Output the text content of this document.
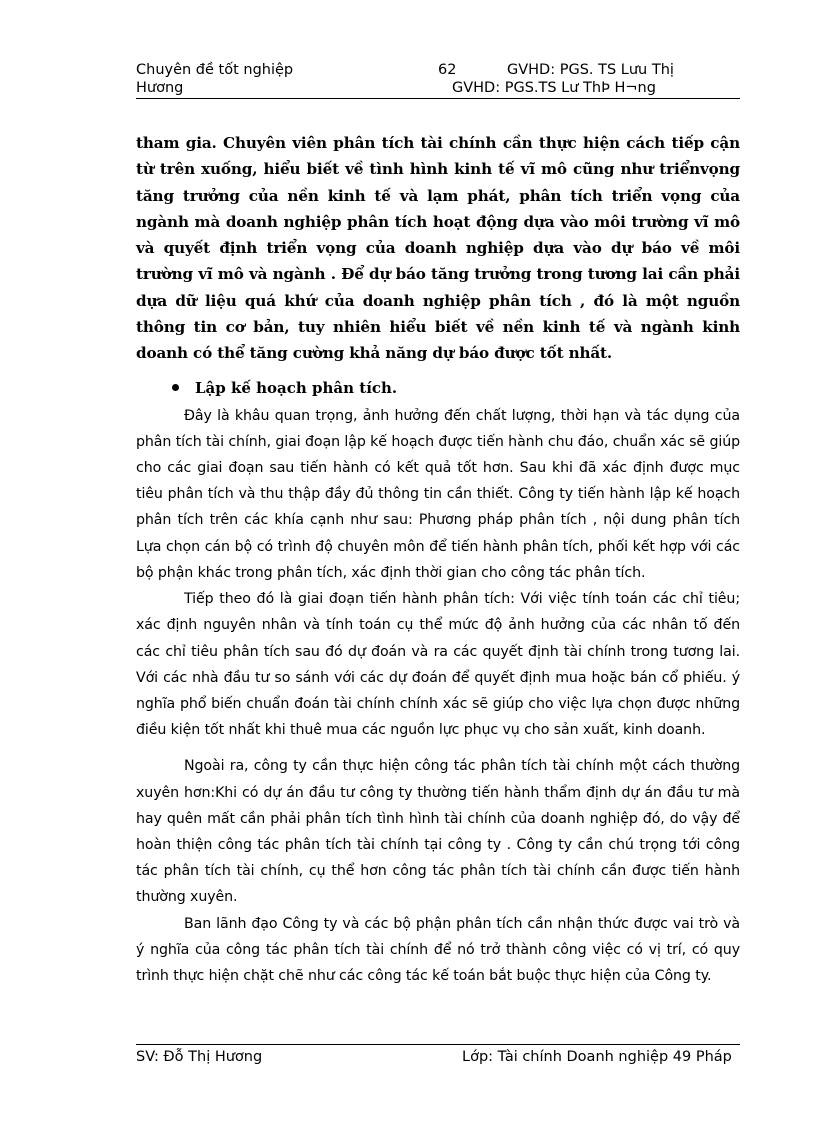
Chuyên đề tốt nghiệp	62	GVHD: PGS. TS Lưu Thị
Hương	GVHD: PGS.TS Lư ThÞ H¬ng

tham gia. Chuyên viên phân tích tài chính cần thực hiện cách tiếp cận từ trên xuống, hiểu biết về tình hình kinh tế vĩ mô cũng như triểnvọng tăng trưởng của nền kinh tế và lạm phát, phân tích triển vọng của ngành mà doanh nghiệp phân tích hoạt động dựa vào môi trường vĩ mô và quyết định triển vọng của doanh nghiệp dựa vào dự báo về môi trường vĩ mô và ngành . Để dự báo tăng trưởng trong tương lai cần phải dựa dữ liệu quá khứ của doanh nghiệp phân tích , đó là một nguồn thông tin cơ bản, tuy nhiên hiểu biết về nền kinh tế và ngành kinh doanh có thể tăng cường khả năng dự báo được tốt nhất.

Lập kế hoạch phân tích.

Đây là khâu quan trọng, ảnh hưởng đến chất lượng, thời hạn và tác dụng của phân tích tài chính, giai đoạn lập kế hoạch được tiến hành chu đáo, chuẩn xác sẽ giúp cho các giai đoạn sau tiến hành có kết quả tốt hơn. Sau khi đã xác định được mục tiêu phân tích và thu thập đầy đủ thông tin cần thiết. Công ty tiến hành lập kế hoạch phân tích trên các khía cạnh như sau: Phương pháp phân tích , nội dung phân tích Lựa chọn cán bộ có trình độ chuyên môn để tiến hành phân tích, phối kết hợp với các bộ phận khác trong phân tích, xác định thời gian cho công tác phân tích.

Tiếp theo đó là giai đoạn tiến hành phân tích: Với việc tính toán các chỉ tiêu; xác định nguyên nhân và tính toán cụ thể mức độ ảnh hưởng của các nhân tố đến các chỉ tiêu phân tích sau đó dự đoán và ra các quyết định tài chính trong tương lai. Với các nhà đầu tư so sánh với các dự đoán để quyết định mua hoặc bán cổ phiếu. ý nghĩa phổ biến chuẩn đoán tài chính chính xác sẽ giúp cho việc lựa chọn được những điều kiện tốt nhất khi thuê mua các nguồn lực phục vụ cho sản xuất, kinh doanh.

Ngoài ra, công ty cần thực hiện công tác phân tích tài chính một cách thường xuyên hơn:Khi có dự án đầu tư công ty thường tiến hành thẩm định dự án đầu tư mà hay quên mất cần phải phân tích tình hình tài chính của doanh nghiệp đó, do vậy để hoàn thiện công tác phân tích tài chính tại công ty . Công ty cần chú trọng tới công tác phân tích tài chính, cụ thể hơn công tác phân tích tài chính cần được tiến hành thường xuyên.

Ban lãnh đạo Công ty và các bộ phận phân tích cần nhận thức được vai trò và ý nghĩa của công tác phân tích tài chính để nó trở thành công việc có vị trí, có quy trình thực hiện chặt chẽ như các công tác kế toán bắt buộc thực hiện của Công ty.

SV: Đỗ Thị Hương	Lớp: Tài chính Doanh nghiệp 49 Pháp
